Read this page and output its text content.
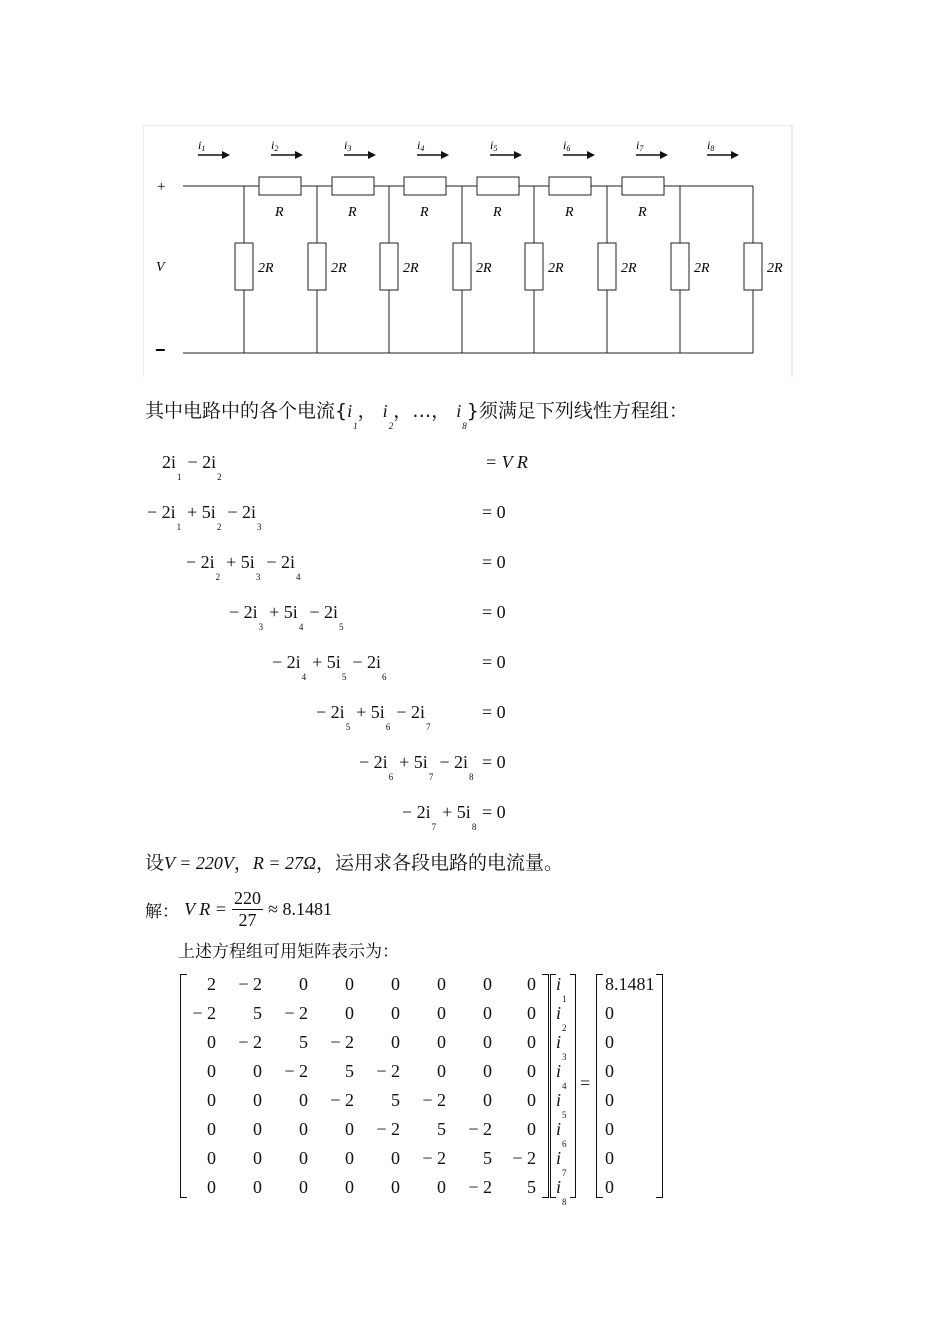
+
−
V
R	R	R	R	R	R
2R	2R	2R	2R	2R	2R	2R	2R
i1	i2	i3	i4	i5	i6	i7	i8
其中电路中的各个电流{$i_1$， $i_2$，…， $i_8$}须满足下列线性方程组：
$2i_1- 2i_2$
= V R
− $2i_1+ 5i_2- 2i_3$
= 0
− $2i_2+ 5i_3- 2i_4$
= 0
− $2i_3+ 5i_4- 2i_5$
= 0
− $2i_4+ 5i_5- 2i_6$
= 0
− $2i_5+ 5i_6- 2i_7$
= 0
− $2i_6+ 5i_7- 2i_8$
= 0
− $2i_7+ 5i_8$
= 0
设V = 220V，R = 27Ω，运用求各段电路的电流量。
解： V $R = \frac{220}{27} \approx 8.1481$
上述方程组可用矩阵表示为：
=
2	− 2	0	0	0	0	0	0 $i_1$
8.1481
− 2	5	− 2	0	0	0	0	0 $i_2$
0
0	− 2	5	− 2	0	0	0	0 $i_3$
0
0	0	− 2	5	− 2	0	0	0 $i_4$
0
0	0	0	− 2	5	− 2	0	0 $i_5$
0
0	0	0	0	− 2	5	− 2	0 $i_6$
0
0	0	0	0	0	− 2	5	− 2 $i_7$
0
0	0	0	0	0	0	− 2	5 $i_8$
0
